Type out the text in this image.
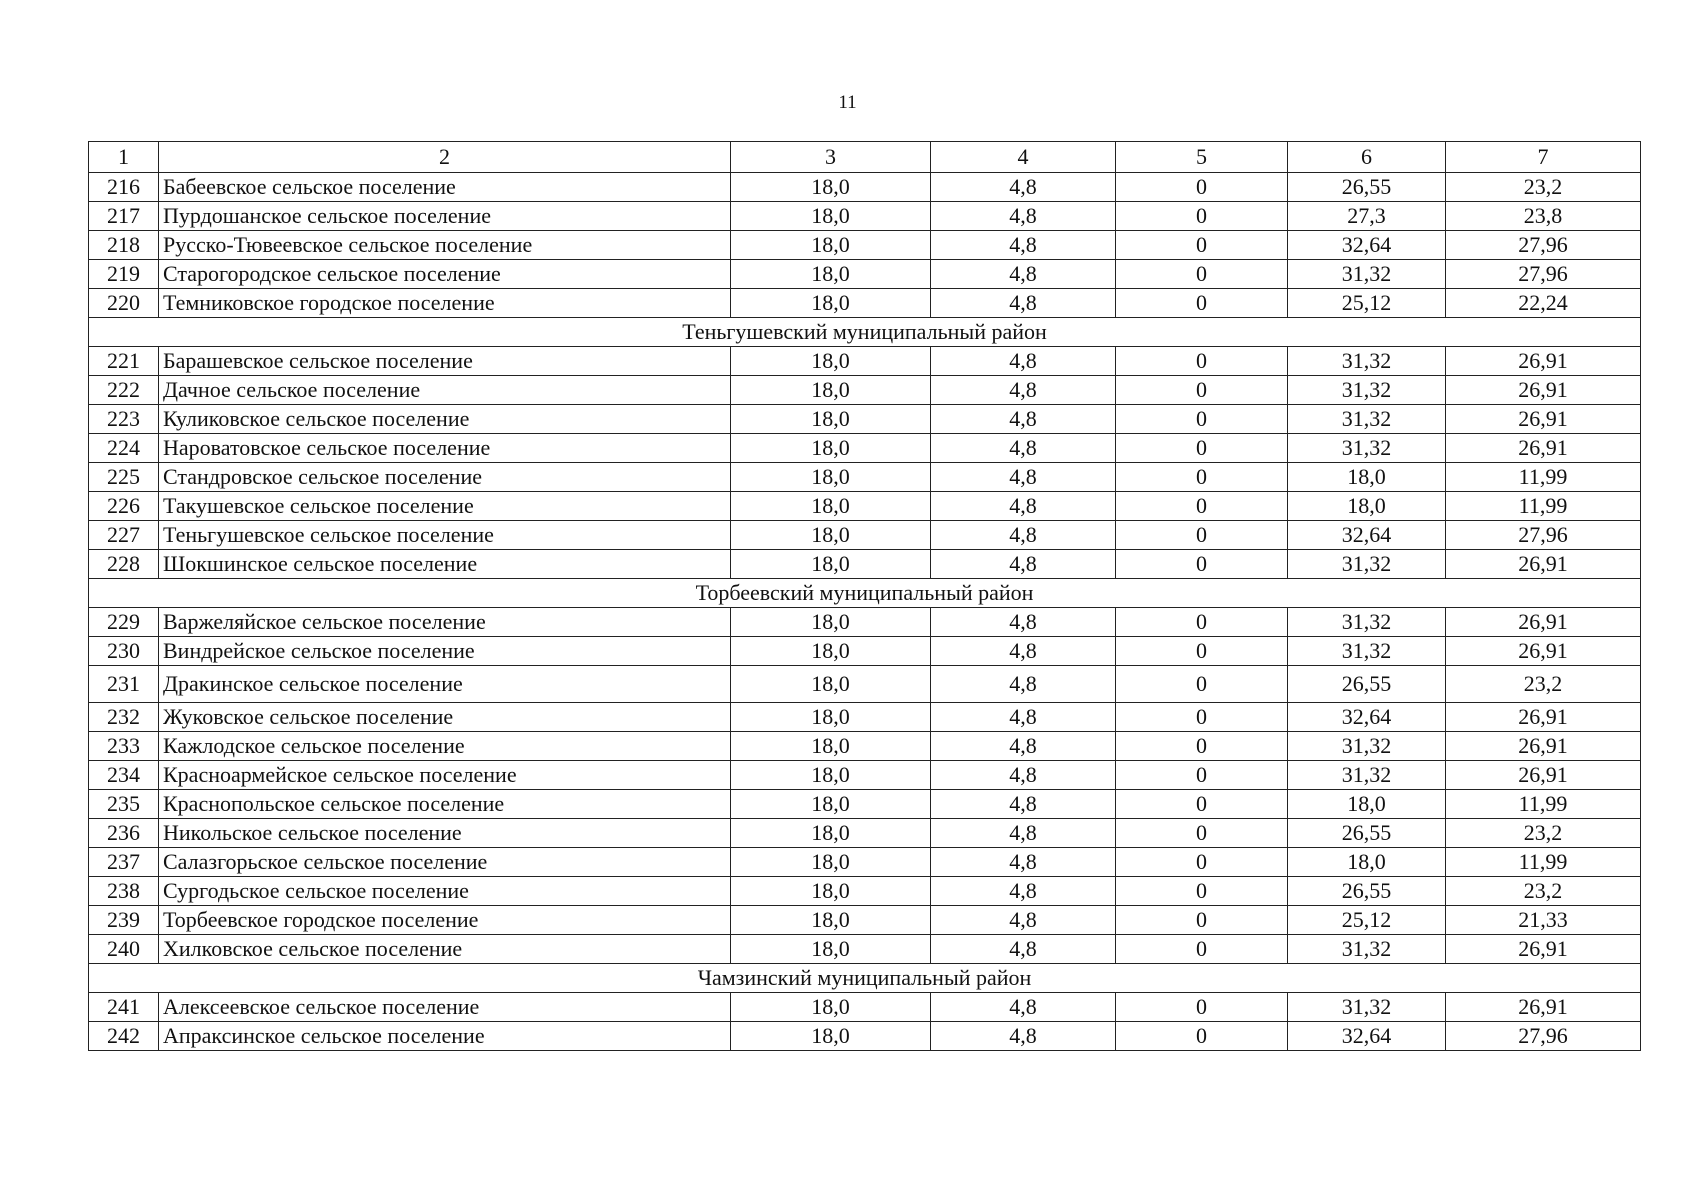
11
1	2	3	4	5	6	7
216	Бабеевское сельское поселение	18,0	4,8	0	26,55	23,2
217	Пурдошанское сельское поселение	18,0	4,8	0	27,3	23,8
218	Русско-Тювеевское сельское поселение	18,0	4,8	0	32,64	27,96
219	Старогородское сельское поселение	18,0	4,8	0	31,32	27,96
220	Темниковское городское поселение	18,0	4,8	0	25,12	22,24
Теньгушевский муниципальный район						
221	Барашевское сельское поселение	18,0	4,8	0	31,32	26,91
222	Дачное сельское поселение	18,0	4,8	0	31,32	26,91
223	Куликовское сельское поселение	18,0	4,8	0	31,32	26,91
224	Нароватовское сельское поселение	18,0	4,8	0	31,32	26,91
225	Стандровское сельское поселение	18,0	4,8	0	18,0	11,99
226	Такушевское сельское поселение	18,0	4,8	0	18,0	11,99
227	Теньгушевское сельское поселение	18,0	4,8	0	32,64	27,96
228	Шокшинское сельское поселение	18,0	4,8	0	31,32	26,91
Торбеевский муниципальный район						
229	Варжеляйское сельское поселение	18,0	4,8	0	31,32	26,91
230	Виндрейское сельское поселение	18,0	4,8	0	31,32	26,91
231	Дракинское сельское поселение	18,0	4,8	0	26,55	23,2
232	Жуковское сельское поселение	18,0	4,8	0	32,64	26,91
233	Кажлодское сельское поселение	18,0	4,8	0	31,32	26,91
234	Красноармейское сельское поселение	18,0	4,8	0	31,32	26,91
235	Краснопольское сельское поселение	18,0	4,8	0	18,0	11,99
236	Никольское сельское поселение	18,0	4,8	0	26,55	23,2
237	Салазгорьское сельское поселение	18,0	4,8	0	18,0	11,99
238	Сургодьское сельское поселение	18,0	4,8	0	26,55	23,2
239	Торбеевское городское поселение	18,0	4,8	0	25,12	21,33
240	Хилковское сельское поселение	18,0	4,8	0	31,32	26,91
Чамзинский муниципальный район						
241	Алексеевское сельское поселение	18,0	4,8	0	31,32	26,91
242	Апраксинское сельское поселение	18,0	4,8	0	32,64	27,96
